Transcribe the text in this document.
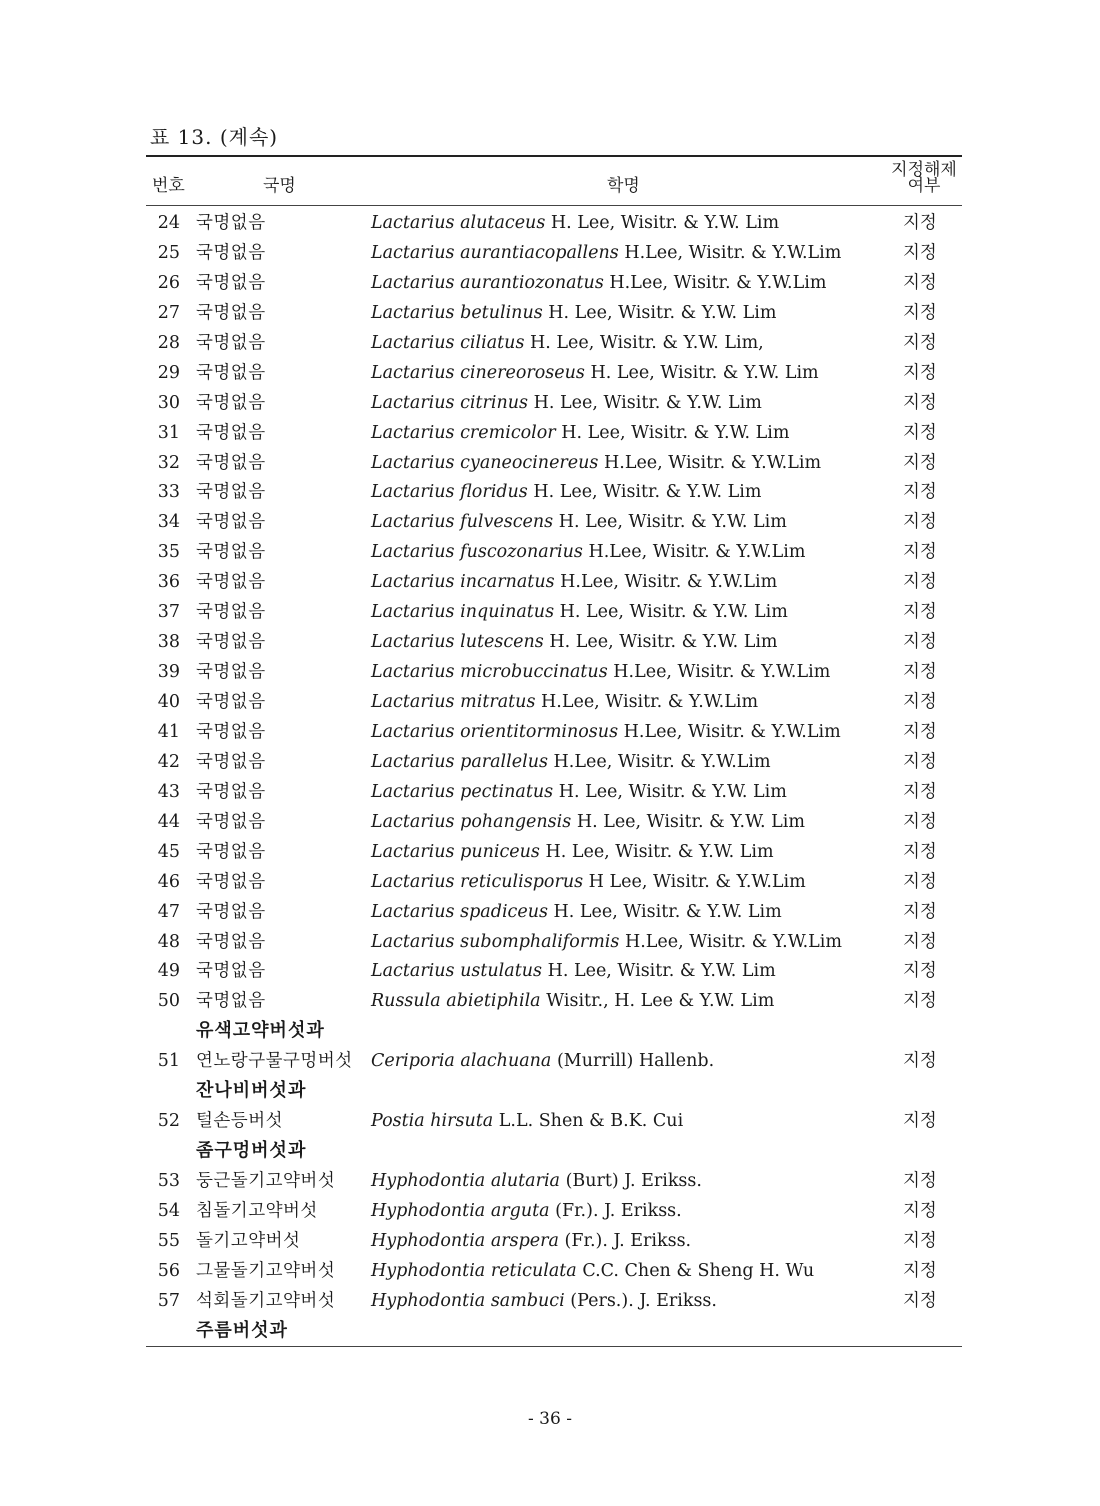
표 13. (계속)
번호	국명	학명
지정해제
여부
24 국명없음	Lactarius alutaceus H. Lee, Wisitr. & Y.W. Lim	지정
25 국명없음	Lactarius aurantiacopallens H.Lee, Wisitr. & Y.W.Lim	지정
26 국명없음	Lactarius aurantiozonatus H.Lee, Wisitr. & Y.W.Lim	지정
27 국명없음	Lactarius betulinus H. Lee, Wisitr. & Y.W. Lim	지정
28 국명없음	Lactarius ciliatus H. Lee, Wisitr. & Y.W. Lim,	지정
29 국명없음	Lactarius cinereoroseus H. Lee, Wisitr. & Y.W. Lim	지정
30 국명없음	Lactarius citrinus H. Lee, Wisitr. & Y.W. Lim	지정
31 국명없음	Lactarius cremicolor H. Lee, Wisitr. & Y.W. Lim	지정
32 국명없음	Lactarius cyaneocinereus H.Lee, Wisitr. & Y.W.Lim	지정
33 국명없음	Lactarius floridus H. Lee, Wisitr. & Y.W. Lim	지정
34 국명없음	Lactarius fulvescens H. Lee, Wisitr. & Y.W. Lim	지정
35 국명없음	Lactarius fuscozonarius H.Lee, Wisitr. & Y.W.Lim	지정
36 국명없음	Lactarius incarnatus H.Lee, Wisitr. & Y.W.Lim	지정
37 국명없음	Lactarius inquinatus H. Lee, Wisitr. & Y.W. Lim	지정
38 국명없음	Lactarius lutescens H. Lee, Wisitr. & Y.W. Lim	지정
39 국명없음	Lactarius microbuccinatus H.Lee, Wisitr. & Y.W.Lim	지정
40 국명없음	Lactarius mitratus H.Lee, Wisitr. & Y.W.Lim	지정
41 국명없음	Lactarius orientitorminosus H.Lee, Wisitr. & Y.W.Lim	지정
42 국명없음	Lactarius parallelus H.Lee, Wisitr. & Y.W.Lim	지정
43 국명없음	Lactarius pectinatus H. Lee, Wisitr. & Y.W. Lim	지정
44 국명없음	Lactarius pohangensis H. Lee, Wisitr. & Y.W. Lim	지정
45 국명없음	Lactarius puniceus H. Lee, Wisitr. & Y.W. Lim	지정
46 국명없음	Lactarius reticulisporus H Lee, Wisitr. & Y.W.Lim	지정
47 국명없음	Lactarius spadiceus H. Lee, Wisitr. & Y.W. Lim	지정
48 국명없음	Lactarius subomphaliformis H.Lee, Wisitr. & Y.W.Lim	지정
49 국명없음	Lactarius ustulatus H. Lee, Wisitr. & Y.W. Lim	지정
50 국명없음	Russula abietiphila Wisitr., H. Lee & Y.W. Lim	지정
유색고약버섯과
51 연노랑구물구멍버섯 Ceriporia alachuana (Murrill) Hallenb.	지정
잔나비버섯과
52 털손등버섯	Postia hirsuta L.L. Shen & B.K. Cui	지정
좀구멍버섯과
53 둥근돌기고약버섯 Hyphodontia alutaria (Burt) J. Erikss.	지정
54 침돌기고약버섯	Hyphodontia arguta (Fr.). J. Erikss.	지정
55 돌기고약버섯	Hyphodontia arspera (Fr.). J. Erikss.	지정
56 그물돌기고약버섯 Hyphodontia reticulata C.C. Chen & Sheng H. Wu	지정
57 석회돌기고약버섯 Hyphodontia sambuci (Pers.). J. Erikss.	지정
주름버섯과
- 36 -
